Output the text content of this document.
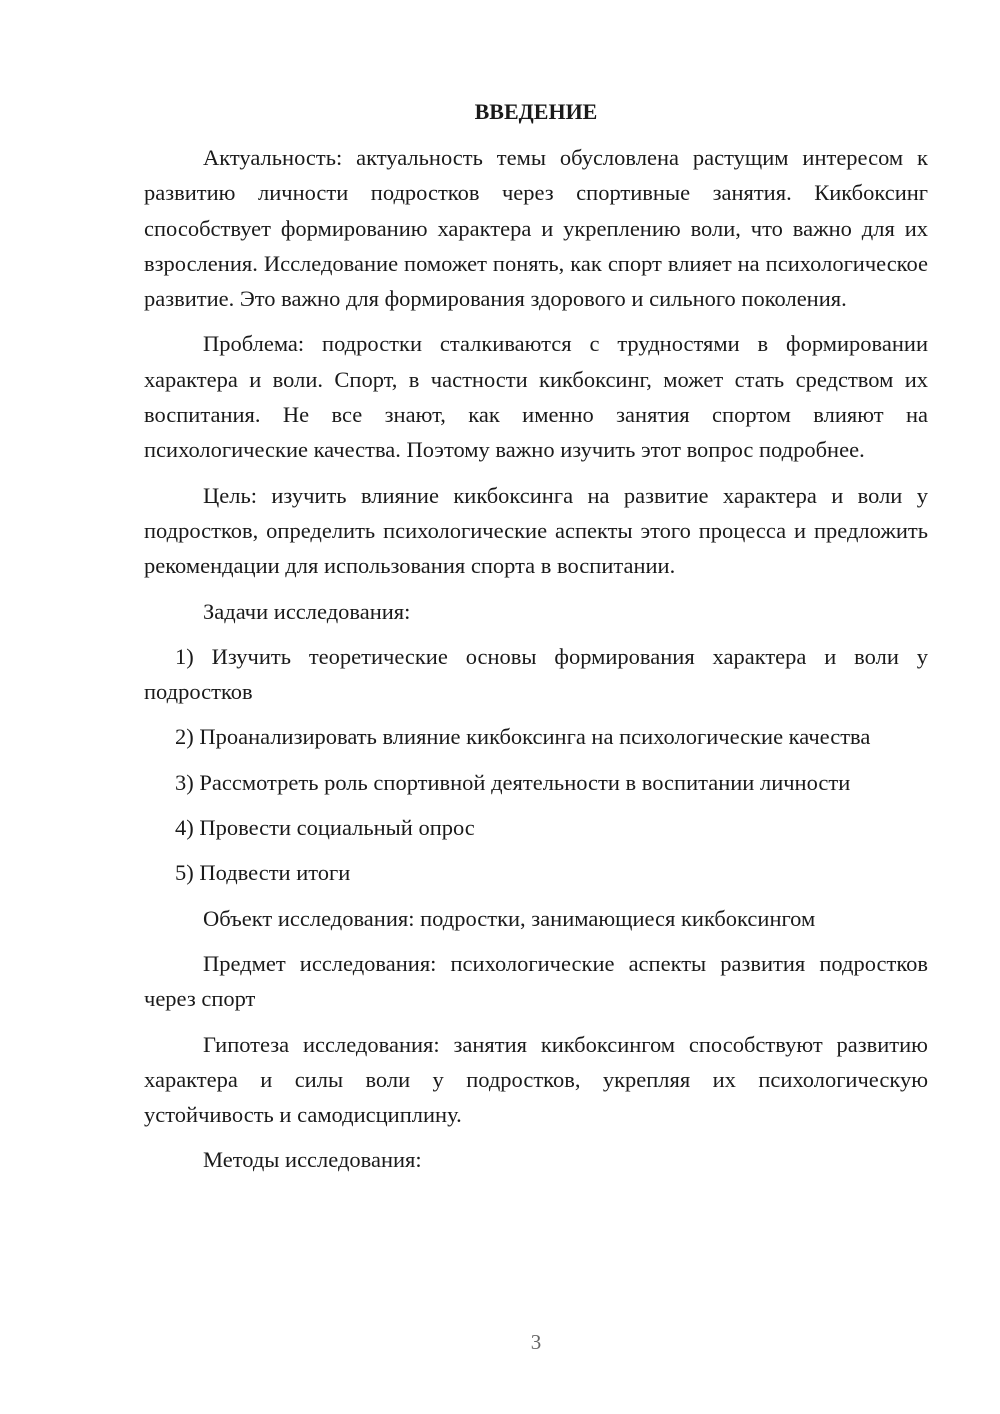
ВВЕДЕНИЕ

Актуальность: актуальность темы обусловлена растущим интересом к развитию личности подростков через спортивные занятия. Кикбоксинг способствует формированию характера и укреплению воли, что важно для их взросления. Исследование поможет понять, как спорт влияет на психологическое развитие. Это важно для формирования здорового и сильного поколения.

Проблема: подростки сталкиваются с трудностями в формировании характера и воли. Спорт, в частности кикбоксинг, может стать средством их воспитания. Не все знают, как именно занятия спортом влияют на психологические качества. Поэтому важно изучить этот вопрос подробнее.

Цель: изучить влияние кикбоксинга на развитие характера и воли у подростков, определить психологические аспекты этого процесса и предложить рекомендации для использования спорта в воспитании.

Задачи исследования:

1) Изучить теоретические основы формирования характера и воли у подростков

2) Проанализировать влияние кикбоксинга на психологические качества

3) Рассмотреть роль спортивной деятельности в воспитании личности

4) Провести социальный опрос

5) Подвести итоги

Объект исследования: подростки, занимающиеся кикбоксингом

Предмет исследования: психологические аспекты развития подростков через спорт

Гипотеза исследования: занятия кикбоксингом способствуют развитию характера и силы воли у подростков, укрепляя их психологическую устойчивость и самодисциплину.

Методы исследования:

3
